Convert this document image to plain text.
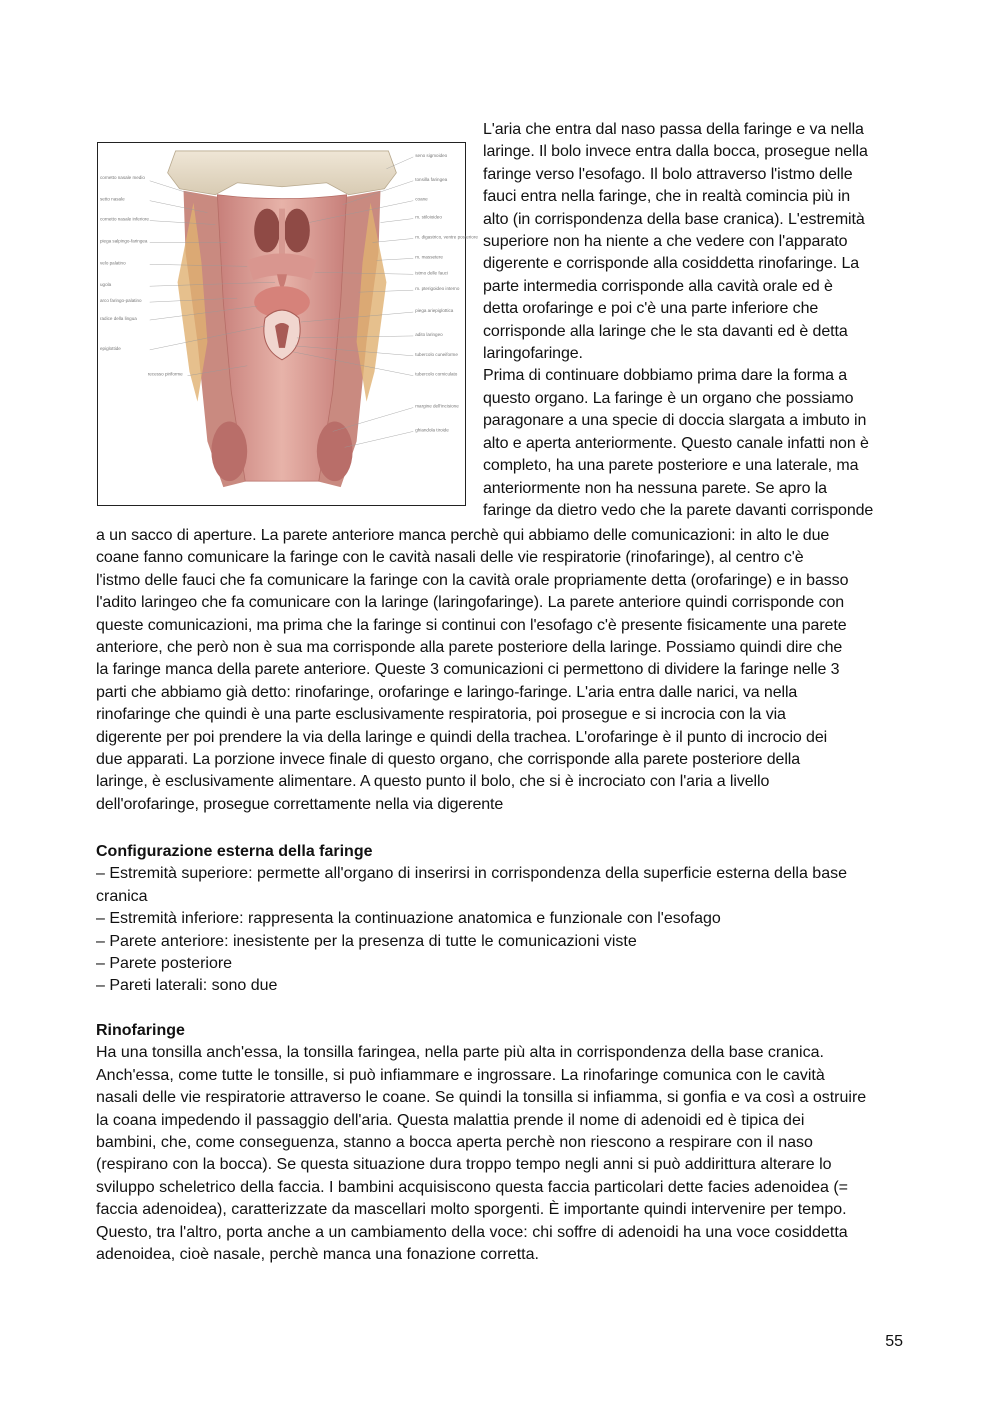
cornetto nasale medio
setto nasale
cornetto nasale inferiore
piega salpingo-faringea
velo palatino
ugola
arco faringo-palatino
radice della lingua
epiglottide
recesso piriforme
seno sigmoideo
tonsilla faringea
coane
m. stiloioideo
m. digastrico, ventre posteriore
m. massetere
istmo delle fauci
m. pterigoideo interno
piega ariepiglottica
adito laringeo
tubercolo cuneiforme
tubercolo corniculato
margine dell'incisione
ghiandola tiroide
L'aria che entra dal naso passa della faringe e va nella
laringe. Il bolo invece entra dalla bocca, prosegue nella
faringe verso l'esofago. Il bolo attraverso l'istmo delle
fauci entra nella faringe, che in realtà comincia più in
alto (in corrispondenza della base cranica). L'estremità
superiore non ha niente a che vedere con l'apparato
digerente e corrisponde alla cosiddetta rinofaringe. La
parte intermedia corrisponde alla cavità orale ed è
detta orofaringe e poi c'è una parte inferiore che
corrisponde alla laringe che le sta davanti ed è detta
laringofaringe.
Prima di continuare dobbiamo prima dare la forma a
questo organo. La faringe è un organo che possiamo
paragonare a una specie di doccia slargata a imbuto in
alto e aperta anteriormente. Questo canale infatti non è
completo, ha una parete posteriore e una laterale, ma
anteriormente non ha nessuna parete. Se apro la
faringe da dietro vedo che la parete davanti corrisponde
a un sacco di aperture. La parete anteriore manca perchè qui abbiamo delle comunicazioni: in alto le due
coane fanno comunicare la faringe con le cavità nasali delle vie respiratorie (rinofaringe), al centro c'è
l'istmo delle fauci che fa comunicare la faringe con la cavità orale propriamente detta (orofaringe) e in basso
l'adito laringeo che fa comunicare con la laringe (laringofaringe). La parete anteriore quindi corrisponde con
queste comunicazioni, ma prima che la faringe si continui con l'esofago c'è presente fisicamente una parete
anteriore, che però non è sua ma corrisponde alla parete posteriore della laringe. Possiamo quindi dire che
la faringe manca della parete anteriore. Queste 3 comunicazioni ci permettono di dividere la faringe nelle 3
parti che abbiamo già detto: rinofaringe, orofaringe e laringo-faringe. L'aria entra dalle narici, va nella
rinofaringe che quindi è una parte esclusivamente respiratoria, poi prosegue e si incrocia con la via
digerente per poi prendere la via della laringe e quindi della trachea. L'orofaringe è il punto di incrocio dei
due apparati. La porzione invece finale di questo organo, che corrisponde alla parete posteriore della
laringe, è esclusivamente alimentare. A questo punto il bolo, che si è incrociato con l'aria a livello
dell'orofaringe, prosegue correttamente nella via digerente
Configurazione esterna della faringe
– Estremità superiore: permette all'organo di inserirsi in corrispondenza della superficie esterna della base
cranica
– Estremità inferiore: rappresenta la continuazione anatomica e funzionale con l'esofago
– Parete anteriore: inesistente per la presenza di tutte le comunicazioni viste
– Parete posteriore
– Pareti laterali: sono due
Rinofaringe
Ha una tonsilla anch'essa, la tonsilla faringea, nella parte più alta in corrispondenza della base cranica.
Anch'essa, come tutte le tonsille, si può infiammare e ingrossare. La rinofaringe comunica con le cavità
nasali delle vie respiratorie attraverso le coane. Se quindi la tonsilla si infiamma, si gonfia e va così a ostruire
la coana impedendo il passaggio dell'aria. Questa malattia prende il nome di adenoidi ed è tipica dei
bambini, che, come conseguenza, stanno a bocca aperta perchè non riescono a respirare con il naso
(respirano con la bocca). Se questa situazione dura troppo tempo negli anni si può addirittura alterare lo
sviluppo scheletrico della faccia. I bambini acquisiscono questa faccia particolari dette facies adenoidea (=
faccia adenoidea), caratterizzate da mascellari molto sporgenti. È importante quindi intervenire per tempo.
Questo, tra l'altro, porta anche a un cambiamento della voce: chi soffre di adenoidi ha una voce cosiddetta
adenoidea, cioè nasale, perchè manca una fonazione corretta.
55
